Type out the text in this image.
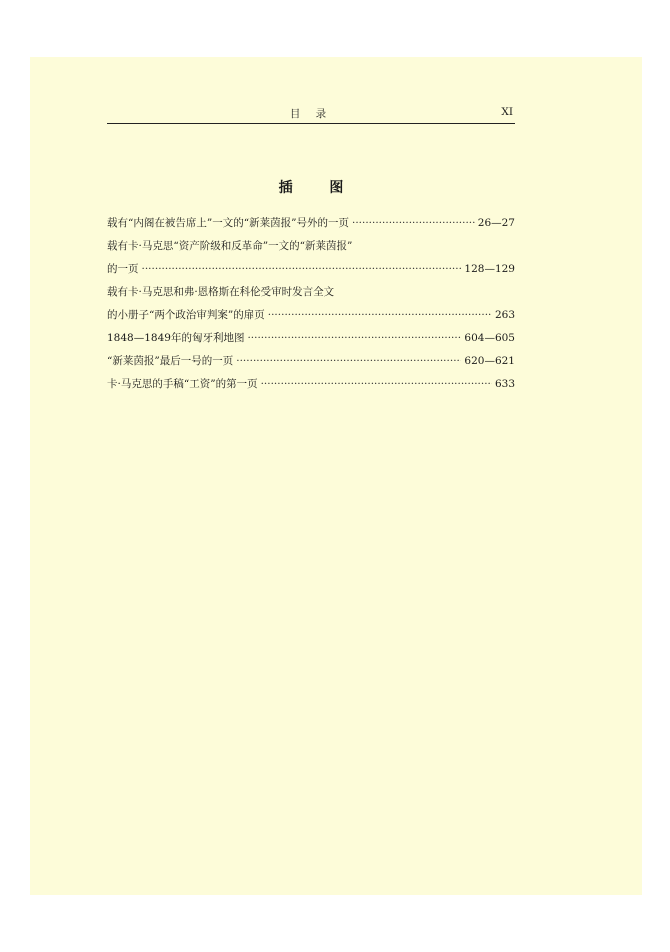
目 录	XI
插 图
载有“内阁在被告席上”一文的“新莱茵报”号外的一页 ·····	26—27
载有卡·马克思“资产阶级和反革命”一文的“新莱茵报”
的一页 ·····	128—129
载有卡·马克思和弗·恩格斯在科伦受审时发言全文
的小册子“两个政治审判案”的扉页 ·····	263
1848—1849年的匈牙利地图 ·····	604—605
“新莱茵报”最后一号的一页 ·····	620—621
卡·马克思的手稿“工资”的第一页 ·····	633
